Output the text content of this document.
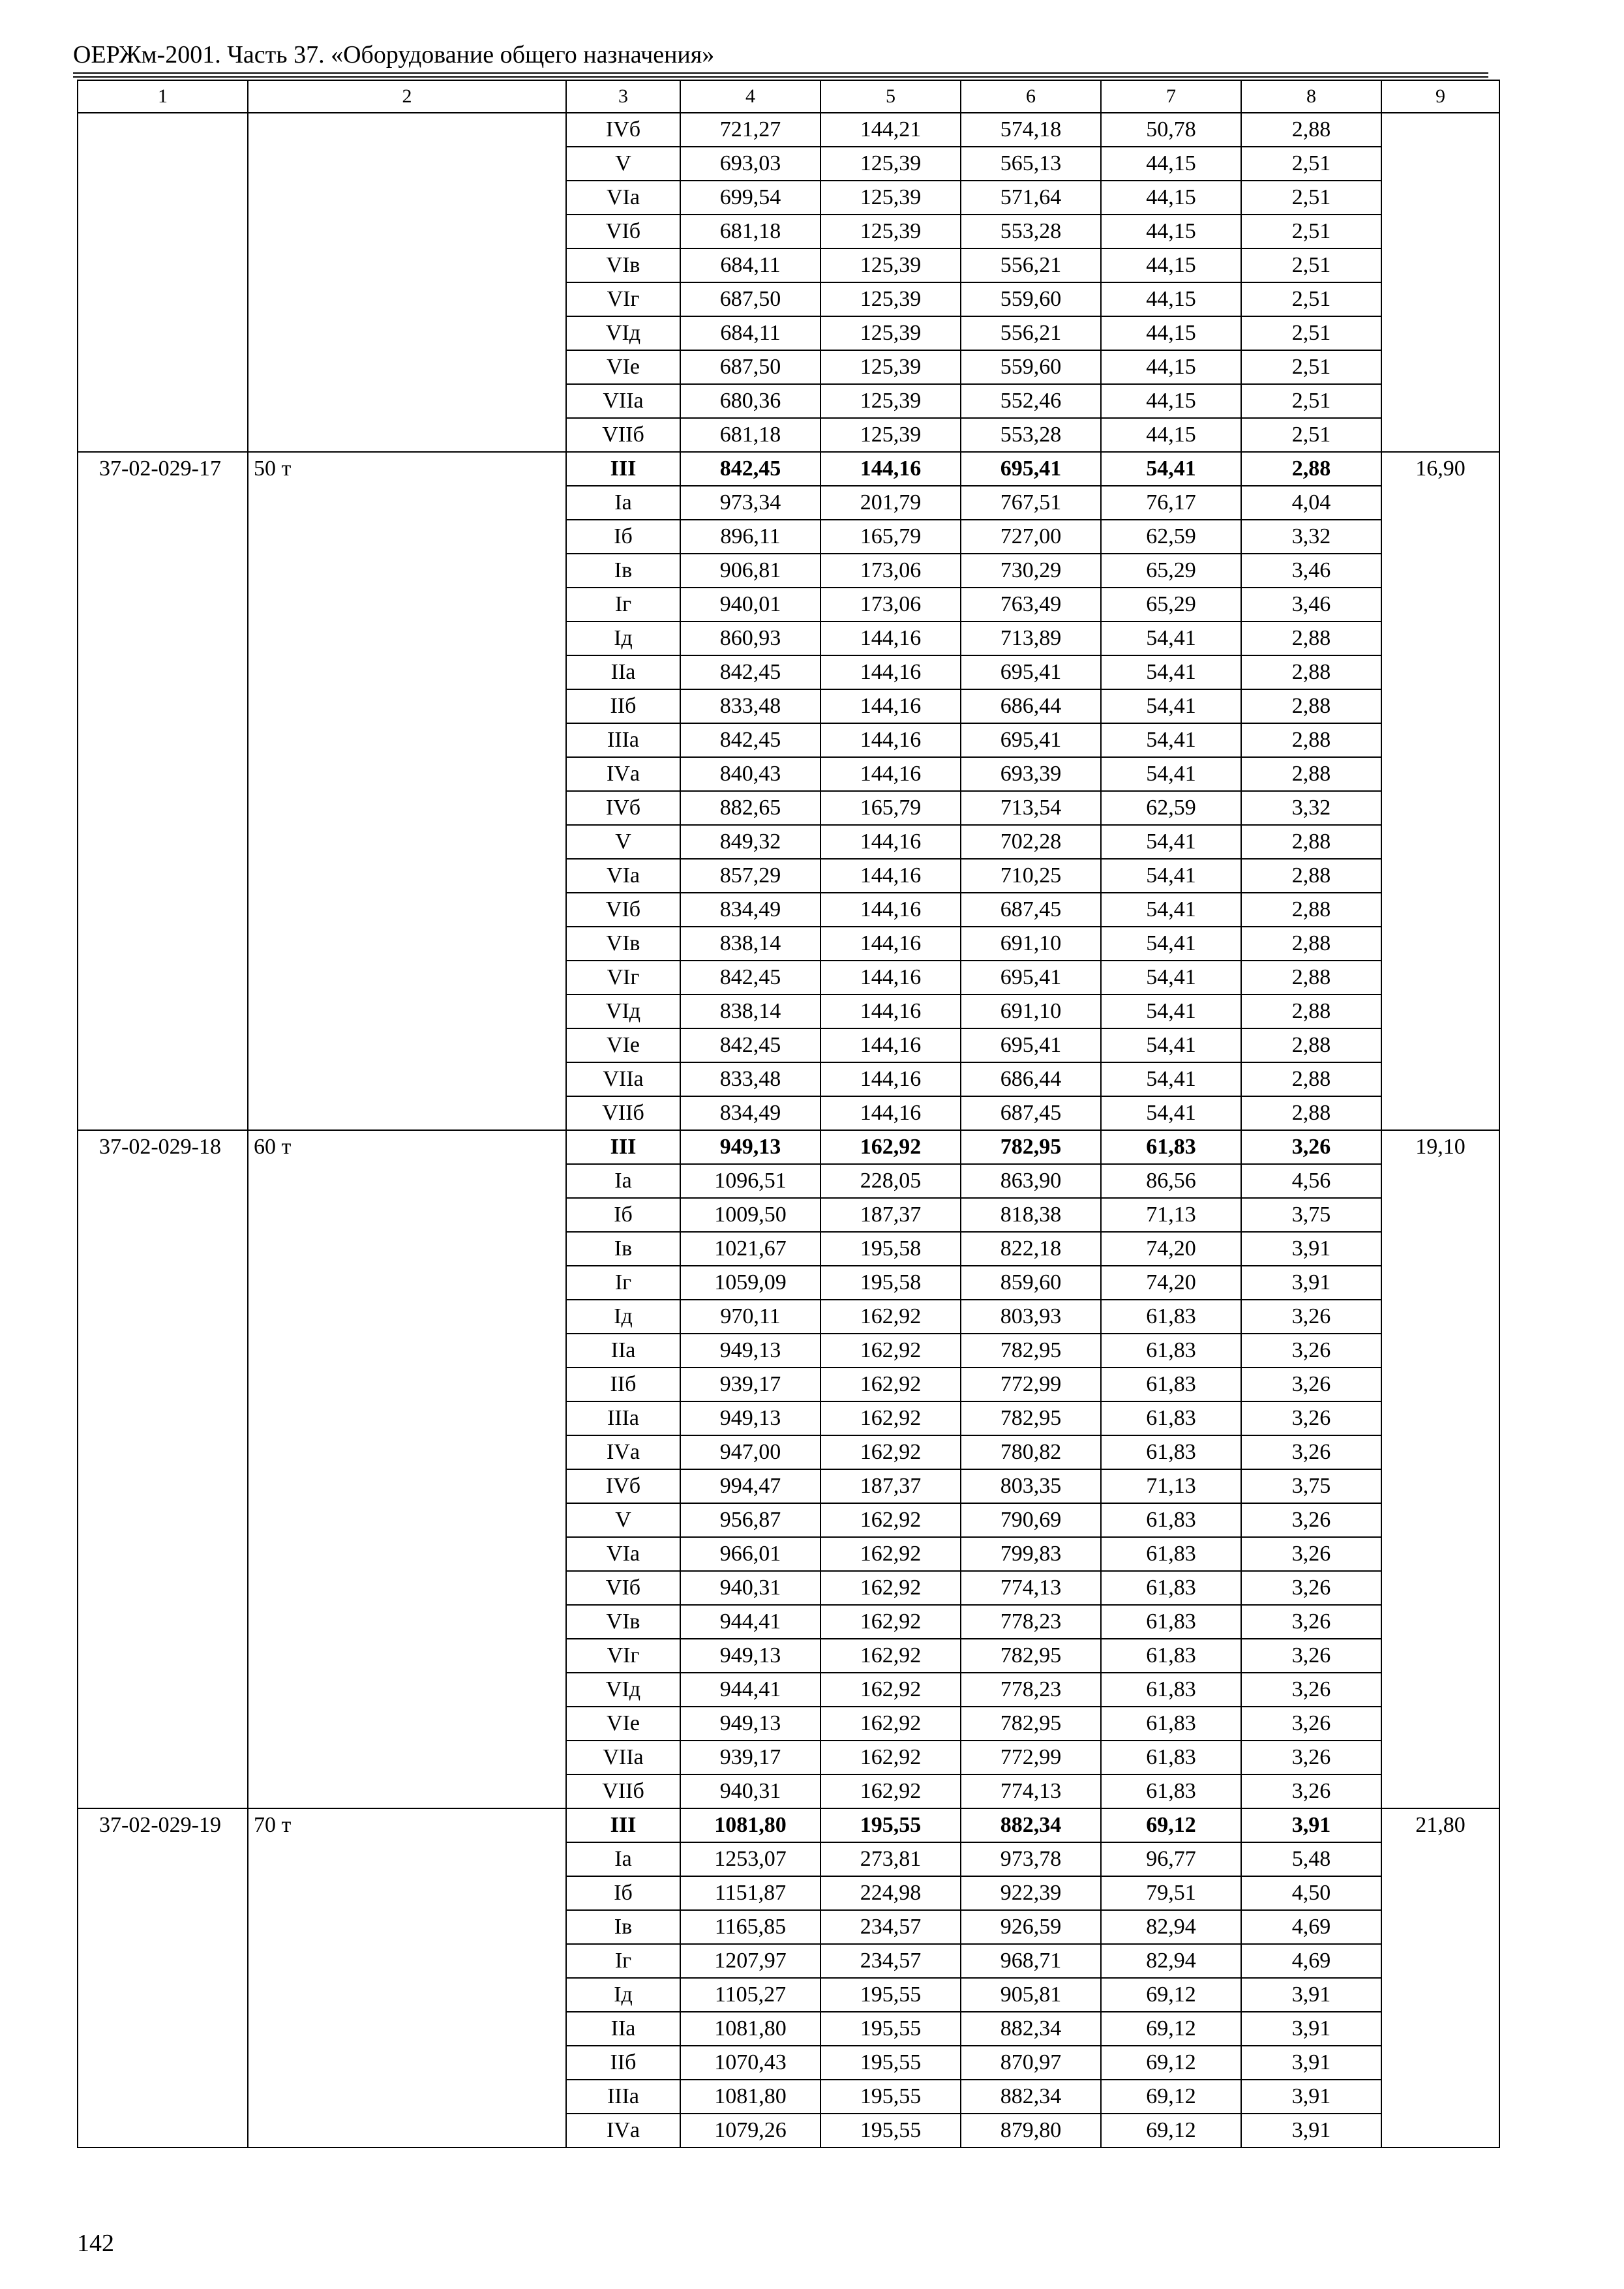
ОЕРЖм-2001. Часть 37. «Оборудование общего назначения»
1	2	3	4	5	6	7	8	9
		IVб	721,27	144,21	574,18	50,78	2,88	
		V	693,03	125,39	565,13	44,15	2,51	
		VIа	699,54	125,39	571,64	44,15	2,51	
		VIб	681,18	125,39	553,28	44,15	2,51	
		VIв	684,11	125,39	556,21	44,15	2,51	
		VIг	687,50	125,39	559,60	44,15	2,51	
		VIд	684,11	125,39	556,21	44,15	2,51	
		VIе	687,50	125,39	559,60	44,15	2,51	
		VIIа	680,36	125,39	552,46	44,15	2,51	
		VIIб	681,18	125,39	553,28	44,15	2,51	
37-02-029-17	50 т	III	842,45	144,16	695,41	54,41	2,88	16,90
		Iа	973,34	201,79	767,51	76,17	4,04	
		Iб	896,11	165,79	727,00	62,59	3,32	
		Iв	906,81	173,06	730,29	65,29	3,46	
		Iг	940,01	173,06	763,49	65,29	3,46	
		Iд	860,93	144,16	713,89	54,41	2,88	
		IIа	842,45	144,16	695,41	54,41	2,88	
		IIб	833,48	144,16	686,44	54,41	2,88	
		IIIа	842,45	144,16	695,41	54,41	2,88	
		IVа	840,43	144,16	693,39	54,41	2,88	
		IVб	882,65	165,79	713,54	62,59	3,32	
		V	849,32	144,16	702,28	54,41	2,88	
		VIа	857,29	144,16	710,25	54,41	2,88	
		VIб	834,49	144,16	687,45	54,41	2,88	
		VIв	838,14	144,16	691,10	54,41	2,88	
		VIг	842,45	144,16	695,41	54,41	2,88	
		VIд	838,14	144,16	691,10	54,41	2,88	
		VIе	842,45	144,16	695,41	54,41	2,88	
		VIIа	833,48	144,16	686,44	54,41	2,88	
		VIIб	834,49	144,16	687,45	54,41	2,88	
37-02-029-18	60 т	III	949,13	162,92	782,95	61,83	3,26	19,10
		Iа	1096,51	228,05	863,90	86,56	4,56	
		Iб	1009,50	187,37	818,38	71,13	3,75	
		Iв	1021,67	195,58	822,18	74,20	3,91	
		Iг	1059,09	195,58	859,60	74,20	3,91	
		Iд	970,11	162,92	803,93	61,83	3,26	
		IIа	949,13	162,92	782,95	61,83	3,26	
		IIб	939,17	162,92	772,99	61,83	3,26	
		IIIа	949,13	162,92	782,95	61,83	3,26	
		IVа	947,00	162,92	780,82	61,83	3,26	
		IVб	994,47	187,37	803,35	71,13	3,75	
		V	956,87	162,92	790,69	61,83	3,26	
		VIа	966,01	162,92	799,83	61,83	3,26	
		VIб	940,31	162,92	774,13	61,83	3,26	
		VIв	944,41	162,92	778,23	61,83	3,26	
		VIг	949,13	162,92	782,95	61,83	3,26	
		VIд	944,41	162,92	778,23	61,83	3,26	
		VIе	949,13	162,92	782,95	61,83	3,26	
		VIIа	939,17	162,92	772,99	61,83	3,26	
		VIIб	940,31	162,92	774,13	61,83	3,26	
37-02-029-19	70 т	III	1081,80	195,55	882,34	69,12	3,91	21,80
		Iа	1253,07	273,81	973,78	96,77	5,48	
		Iб	1151,87	224,98	922,39	79,51	4,50	
		Iв	1165,85	234,57	926,59	82,94	4,69	
		Iг	1207,97	234,57	968,71	82,94	4,69	
		Iд	1105,27	195,55	905,81	69,12	3,91	
		IIа	1081,80	195,55	882,34	69,12	3,91	
		IIб	1070,43	195,55	870,97	69,12	3,91	
		IIIа	1081,80	195,55	882,34	69,12	3,91	
		IVа	1079,26	195,55	879,80	69,12	3,91	
142
